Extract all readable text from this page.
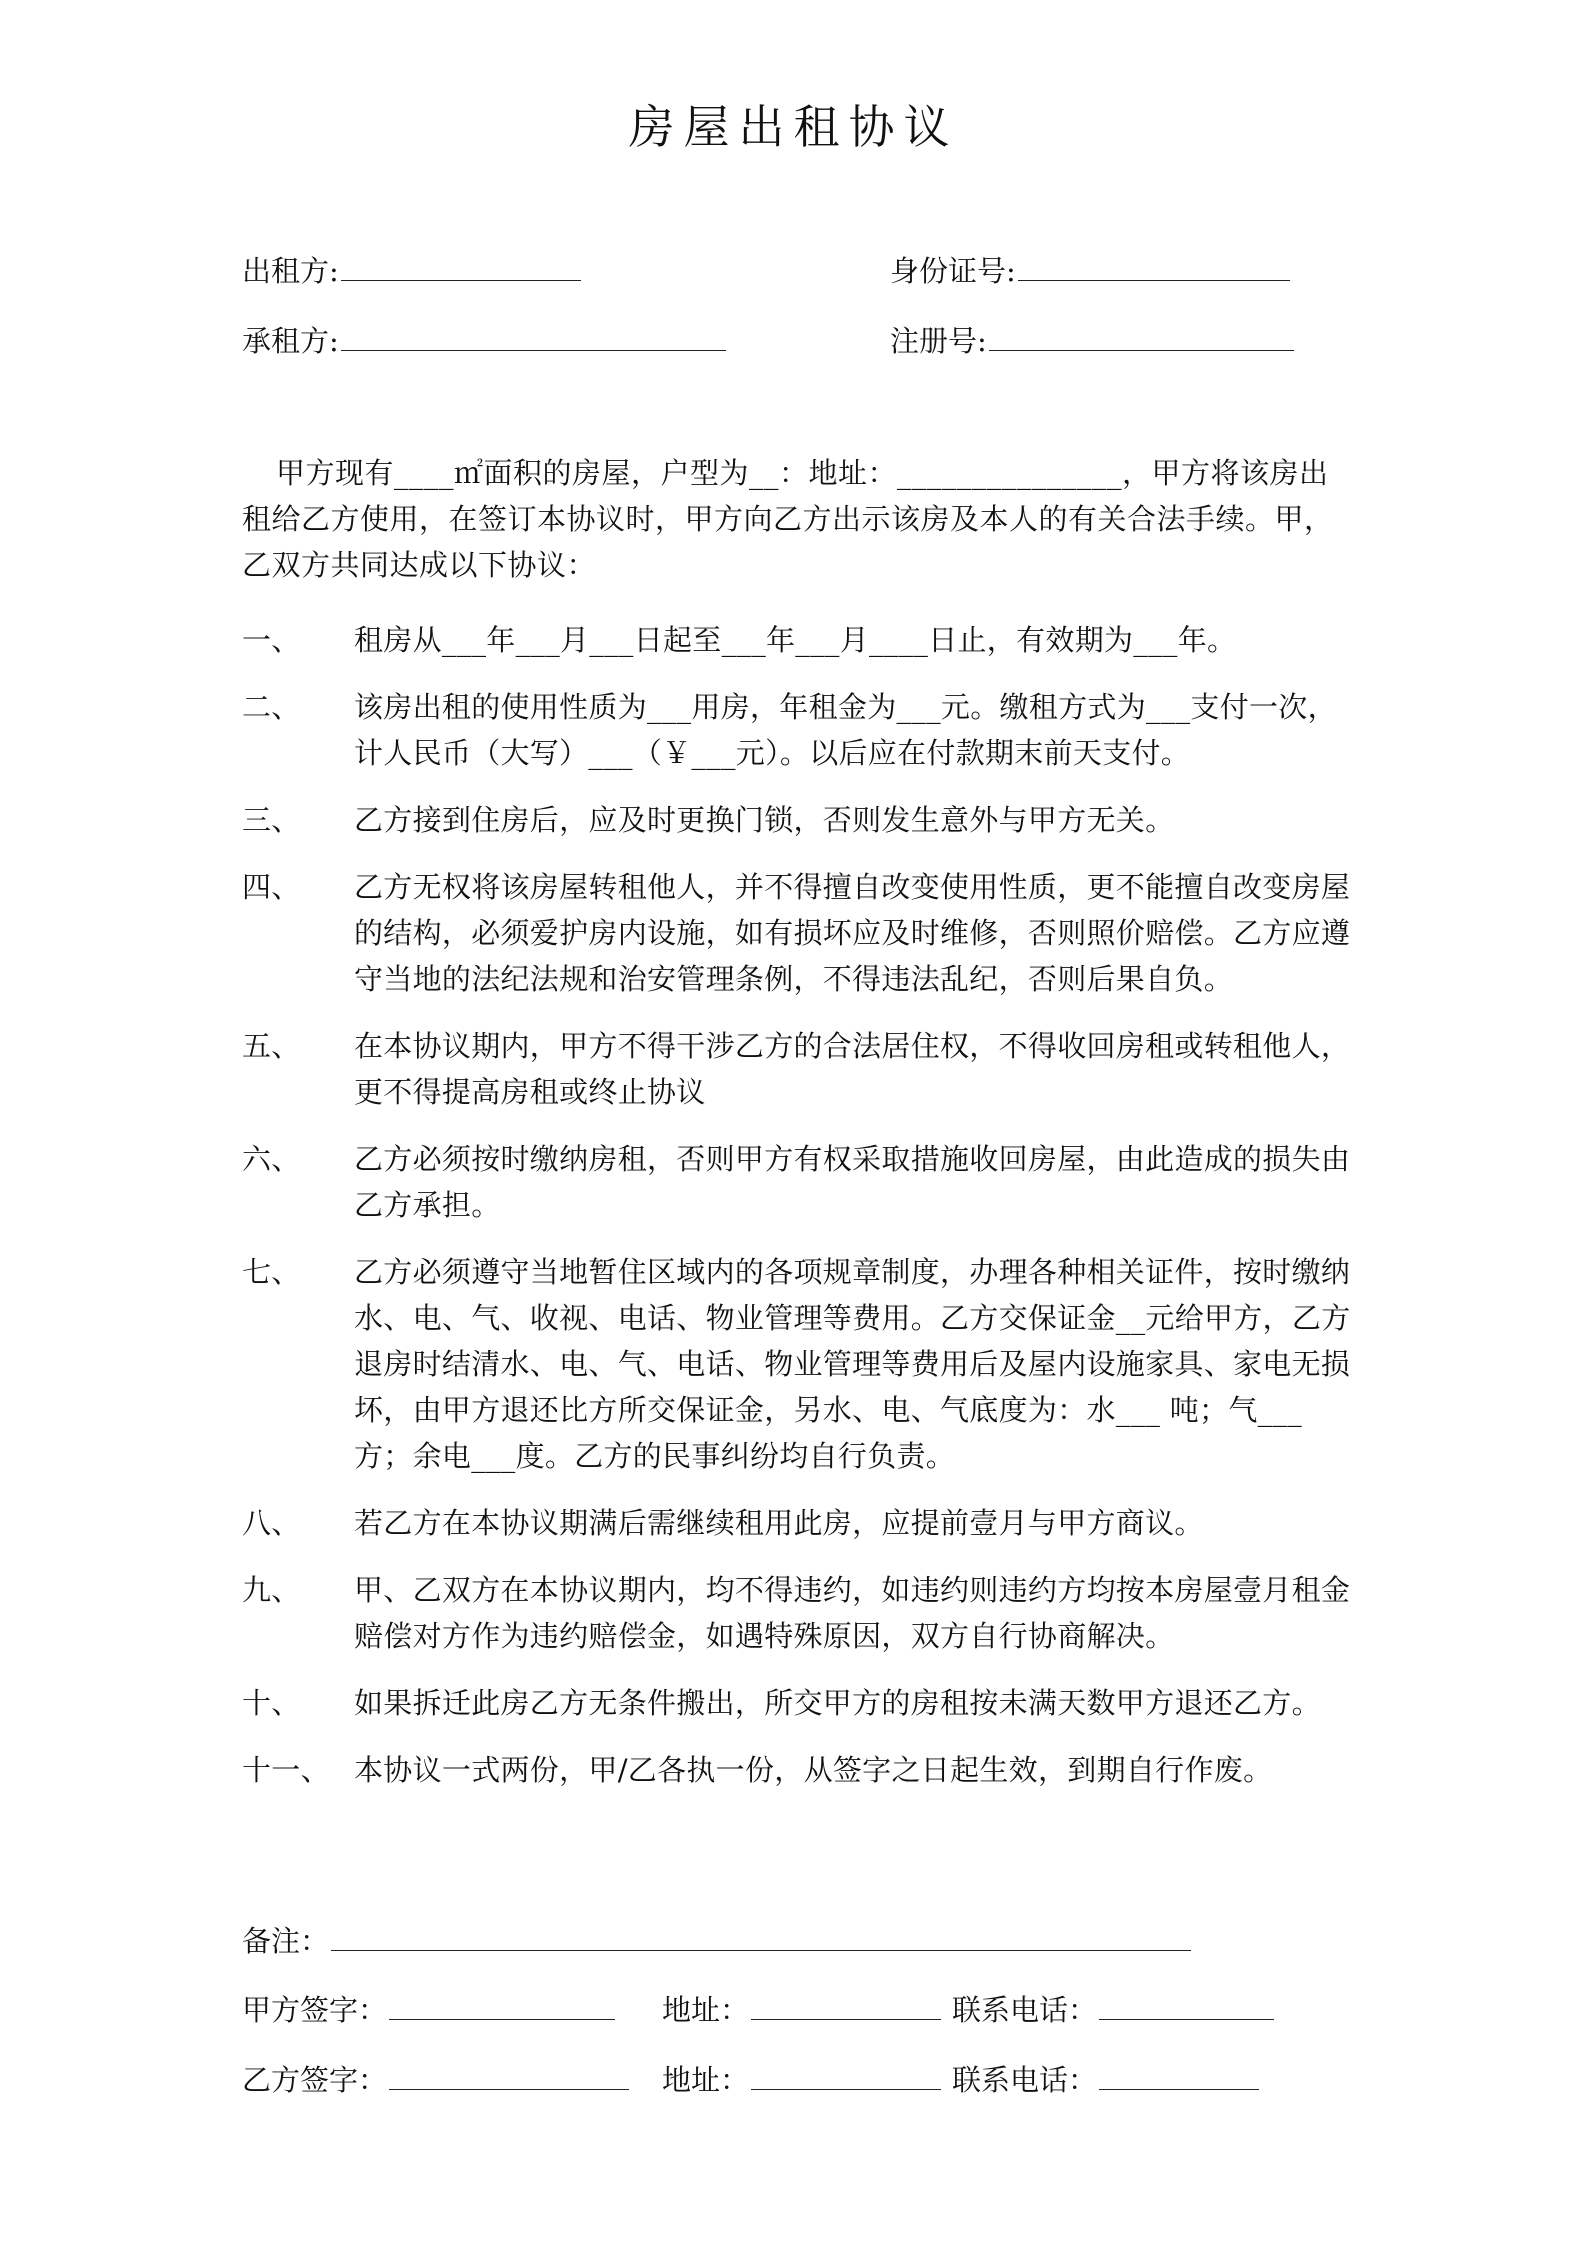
房屋出租协议
出租方:	身份证号:
承租方:	注册号:
甲方现有____㎡面积的房屋，户型为__：地址：_______________，甲方将该房出租给乙方使用，在签订本协议时，甲方向乙方出示该房及本人的有关合法手续。甲，乙双方共同达成以下协议：
一、	租房从___年___月___日起至___年___月____日止，有效期为___年。
二、	该房出租的使用性质为___用房，年租金为___元。缴租方式为___支付一次，计人民币（大写）___（￥___元）。以后应在付款期末前天支付。
三、	乙方接到住房后，应及时更换门锁，否则发生意外与甲方无关。
四、	乙方无权将该房屋转租他人，并不得擅自改变使用性质，更不能擅自改变房屋的结构，必须爱护房内设施，如有损坏应及时维修，否则照价赔偿。乙方应遵守当地的法纪法规和治安管理条例，不得违法乱纪，否则后果自负。
五、	在本协议期内，甲方不得干涉乙方的合法居住权，不得收回房租或转租他人，更不得提高房租或终止协议
六、	乙方必须按时缴纳房租，否则甲方有权采取措施收回房屋，由此造成的损失由乙方承担。
七、	乙方必须遵守当地暂住区域内的各项规章制度，办理各种相关证件，按时缴纳水、电、气、收视、电话、物业管理等费用。乙方交保证金__元给甲方，乙方退房时结清水、电、气、电话、物业管理等费用后及屋内设施家具、家电无损坏，由甲方退还比方所交保证金，另水、电、气底度为：水___ 吨；气___方；余电___度。乙方的民事纠纷均自行负责。
八、	若乙方在本协议期满后需继续租用此房，应提前壹月与甲方商议。
九、	甲、乙双方在本协议期内，均不得违约，如违约则违约方均按本房屋壹月租金赔偿对方作为违约赔偿金，如遇特殊原因，双方自行协商解决。
十、	如果拆迁此房乙方无条件搬出，所交甲方的房租按未满天数甲方退还乙方。
十一、 本协议一式两份，甲/乙各执一份，从签字之日起生效，到期自行作废。
备注：
甲方签字：	地址：	联系电话：
乙方签字：	地址：	联系电话：
